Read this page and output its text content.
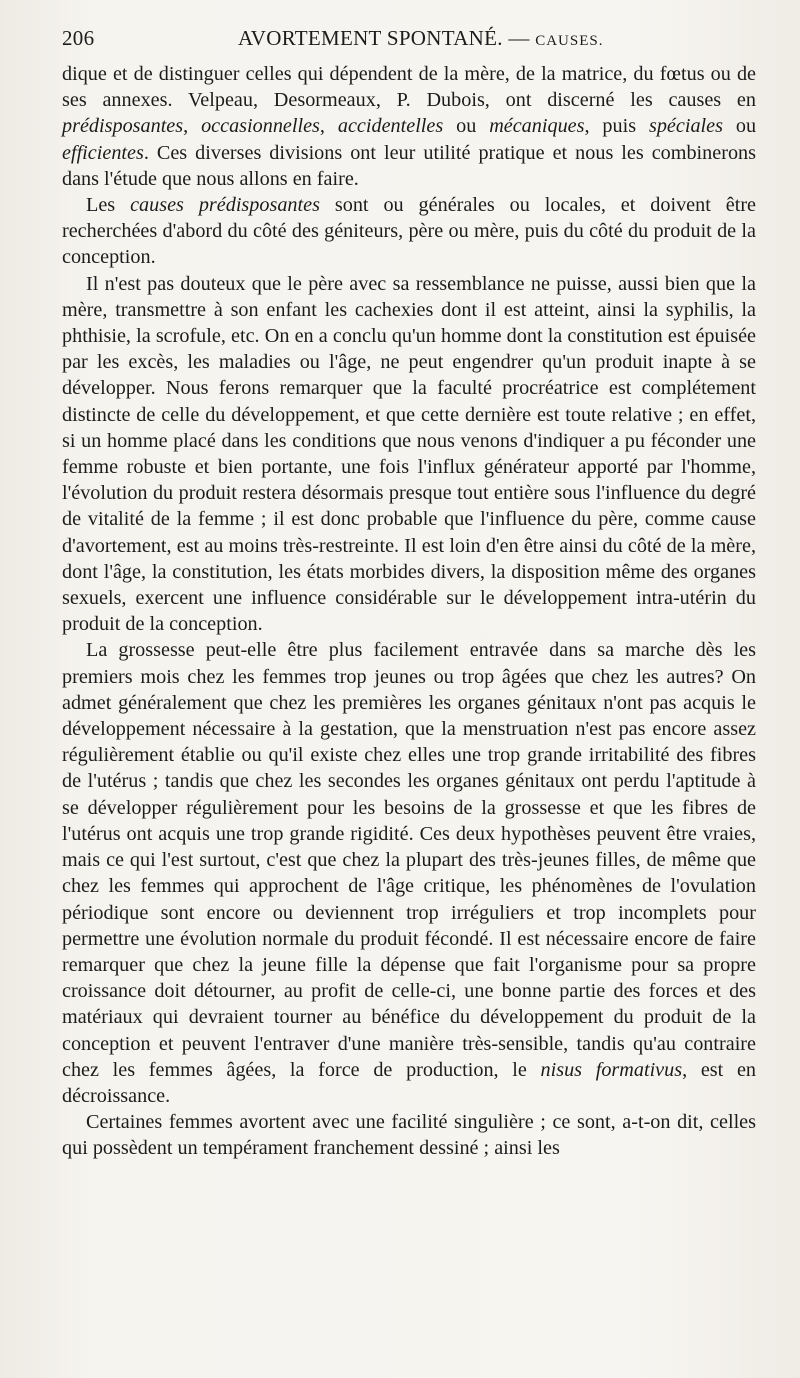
206	AVORTEMENT SPONTANÉ. — CAUSES.

dique et de distinguer celles qui dépendent de la mère, de la matrice, du fœtus ou de ses annexes. Velpeau, Desormeaux, P. Dubois, ont discerné les causes en prédisposantes, occasionnelles, accidentelles ou mécaniques, puis spéciales ou efficientes. Ces diverses divisions ont leur utilité pratique et nous les combinerons dans l'étude que nous allons en faire.

Les causes prédisposantes sont ou générales ou locales, et doivent être recherchées d'abord du côté des géniteurs, père ou mère, puis du côté du produit de la conception.

Il n'est pas douteux que le père avec sa ressemblance ne puisse, aussi bien que la mère, transmettre à son enfant les cachexies dont il est atteint, ainsi la syphilis, la phthisie, la scrofule, etc. On en a conclu qu'un homme dont la constitution est épuisée par les excès, les maladies ou l'âge, ne peut engendrer qu'un produit inapte à se développer. Nous ferons remarquer que la faculté procréatrice est complétement distincte de celle du développement, et que cette dernière est toute relative ; en effet, si un homme placé dans les conditions que nous venons d'indiquer a pu féconder une femme robuste et bien portante, une fois l'influx générateur apporté par l'homme, l'évolution du produit restera désormais presque tout entière sous l'influence du degré de vitalité de la femme ; il est donc probable que l'influence du père, comme cause d'avortement, est au moins très-restreinte. Il est loin d'en être ainsi du côté de la mère, dont l'âge, la constitution, les états morbides divers, la disposition même des organes sexuels, exercent une influence considérable sur le développement intra-utérin du produit de la conception.

La grossesse peut-elle être plus facilement entravée dans sa marche dès les premiers mois chez les femmes trop jeunes ou trop âgées que chez les autres? On admet généralement que chez les premières les organes génitaux n'ont pas acquis le développement nécessaire à la gestation, que la menstruation n'est pas encore assez régulièrement établie ou qu'il existe chez elles une trop grande irritabilité des fibres de l'utérus ; tandis que chez les secondes les organes génitaux ont perdu l'aptitude à se développer régulièrement pour les besoins de la grossesse et que les fibres de l'utérus ont acquis une trop grande rigidité. Ces deux hypothèses peuvent être vraies, mais ce qui l'est surtout, c'est que chez la plupart des très-jeunes filles, de même que chez les femmes qui approchent de l'âge critique, les phénomènes de l'ovulation périodique sont encore ou deviennent trop irréguliers et trop incomplets pour permettre une évolution normale du produit fécondé. Il est nécessaire encore de faire remarquer que chez la jeune fille la dépense que fait l'organisme pour sa propre croissance doit détourner, au profit de celle-ci, une bonne partie des forces et des matériaux qui devraient tourner au bénéfice du développement du produit de la conception et peuvent l'entraver d'une manière très-sensible, tandis qu'au contraire chez les femmes âgées, la force de production, le nisus formativus, est en décroissance.

Certaines femmes avortent avec une facilité singulière ; ce sont, a-t-on dit, celles qui possèdent un tempérament franchement dessiné ; ainsi les
